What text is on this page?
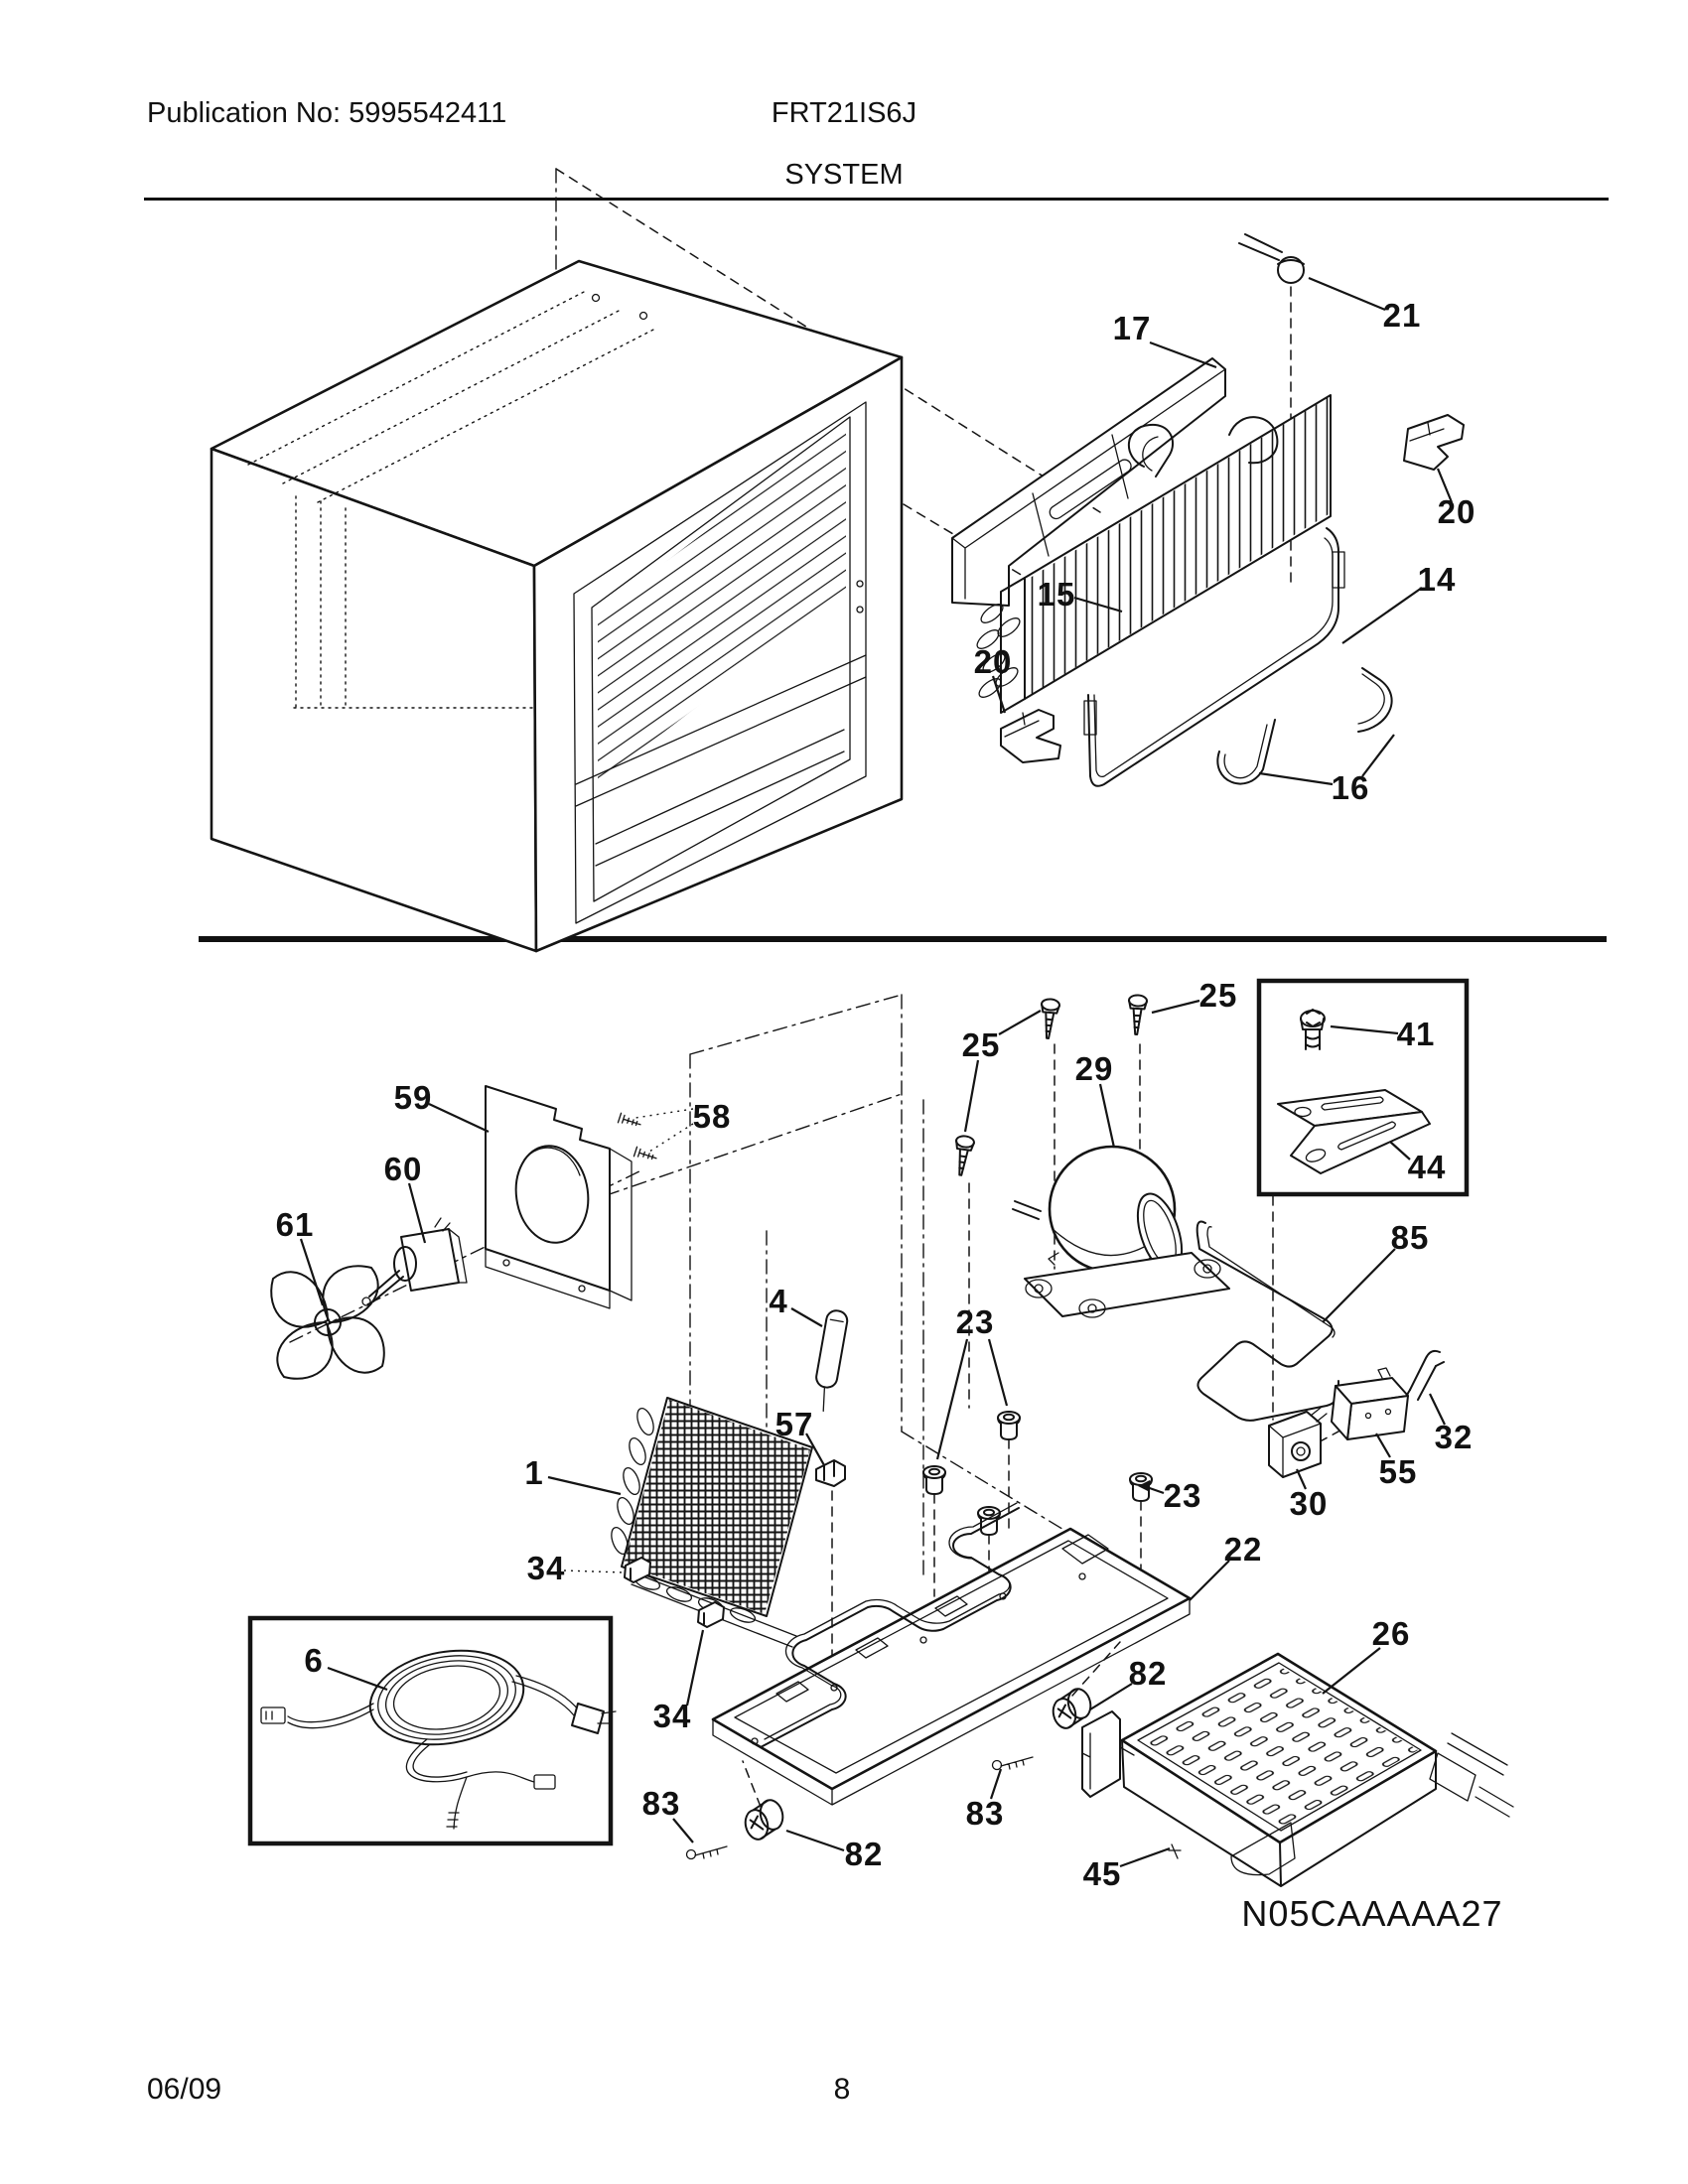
Publication No: 5995542411	FRT21IS6J
SYSTEM
17	21
20
14
15
20
16
25
25
29
41
44
85
59
58
60
61
4
23
32
57
55
30
1
23
22
34
6
34
82
26
83
82
83
45
N05CAAAAA27
06/09	8
